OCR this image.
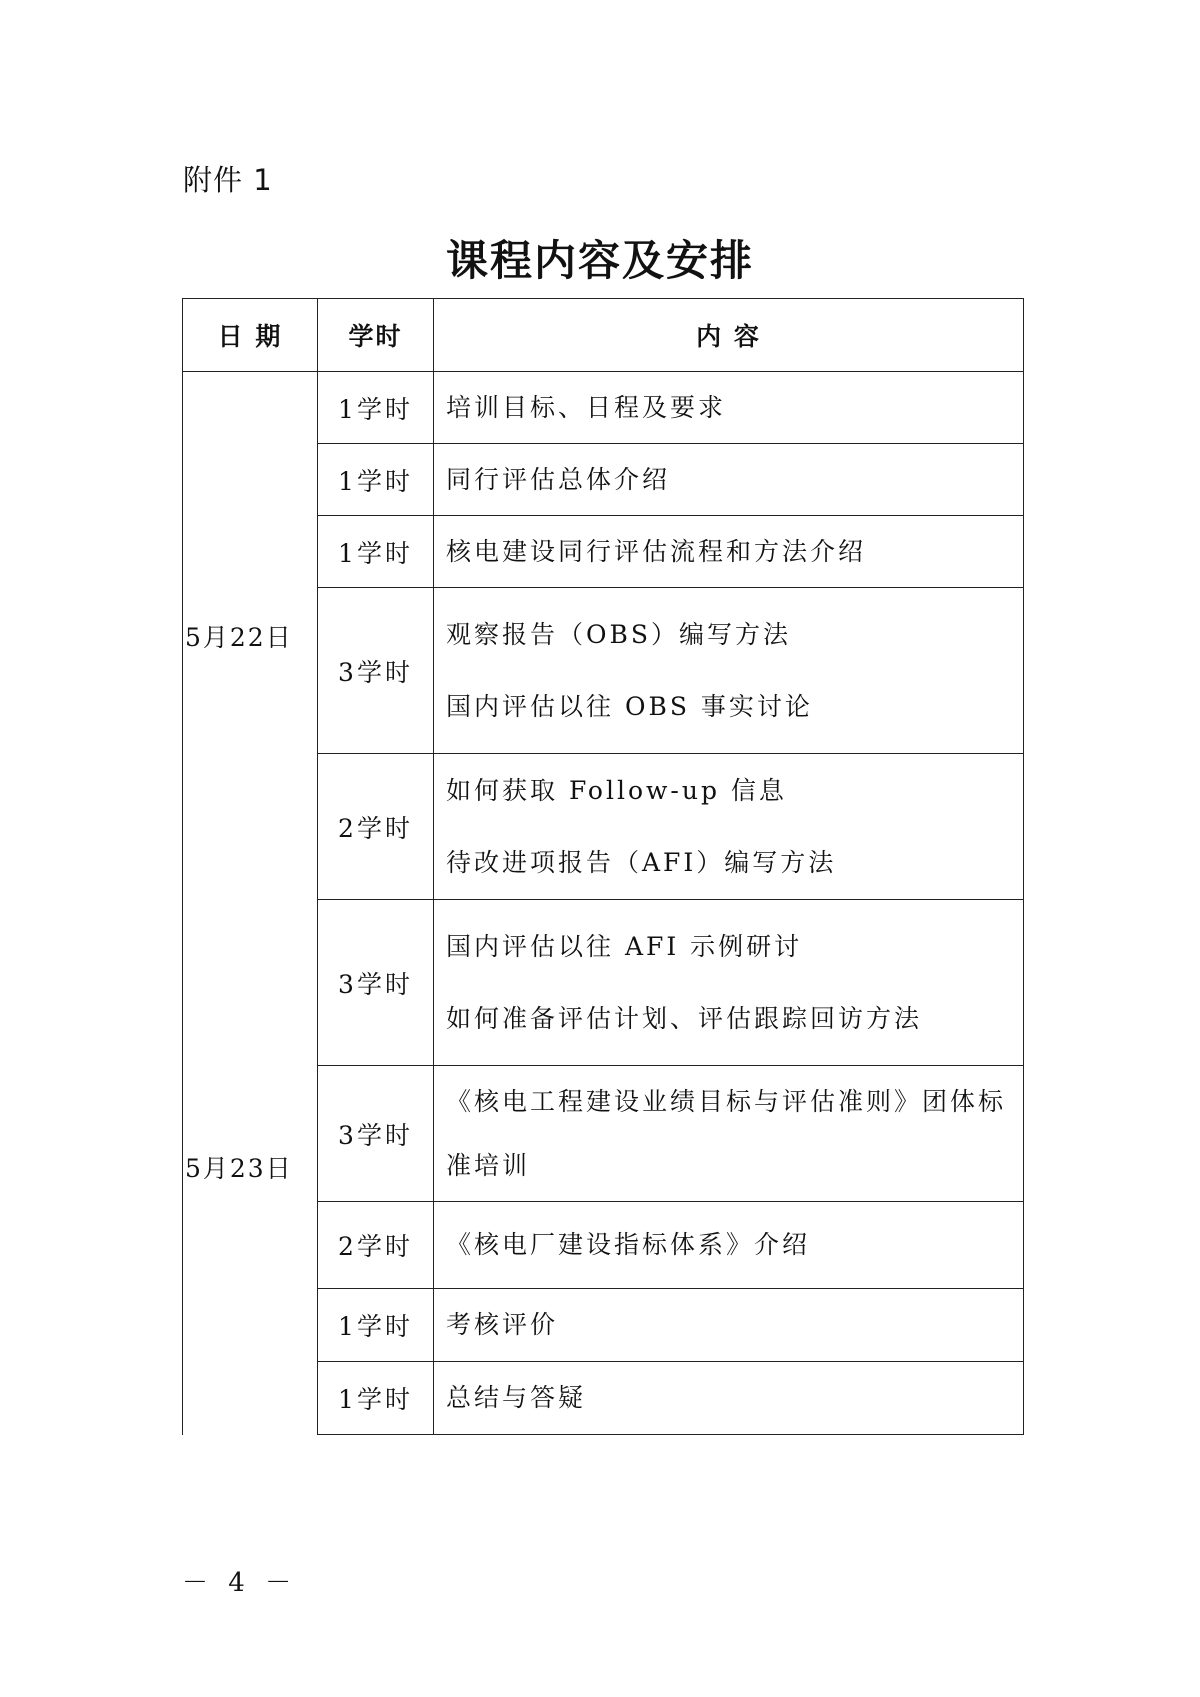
附件 1
课程内容及安排
日 期	学时	内 容
5月22日	1学时	培训目标、日程及要求

	1学时	同行评估总体介绍

	1学时	核电建设同行评估流程和方法介绍

	3学时	观察报告（OBS）编写方法
国内评估以往 OBS 事实讨论

	2学时	如何获取 Follow-up 信息
待改进项报告（AFI）编写方法

5月23日	3学时	国内评估以往 AFI 示例研讨
如何准备评估计划、评估跟踪回访方法

	3学时	《核电工程建设业绩目标与评估准则》团体标准培训
	2学时	《核电厂建设指标体系》介绍

	1学时	考核评价

	1学时	总结与答疑
－ 4 －
